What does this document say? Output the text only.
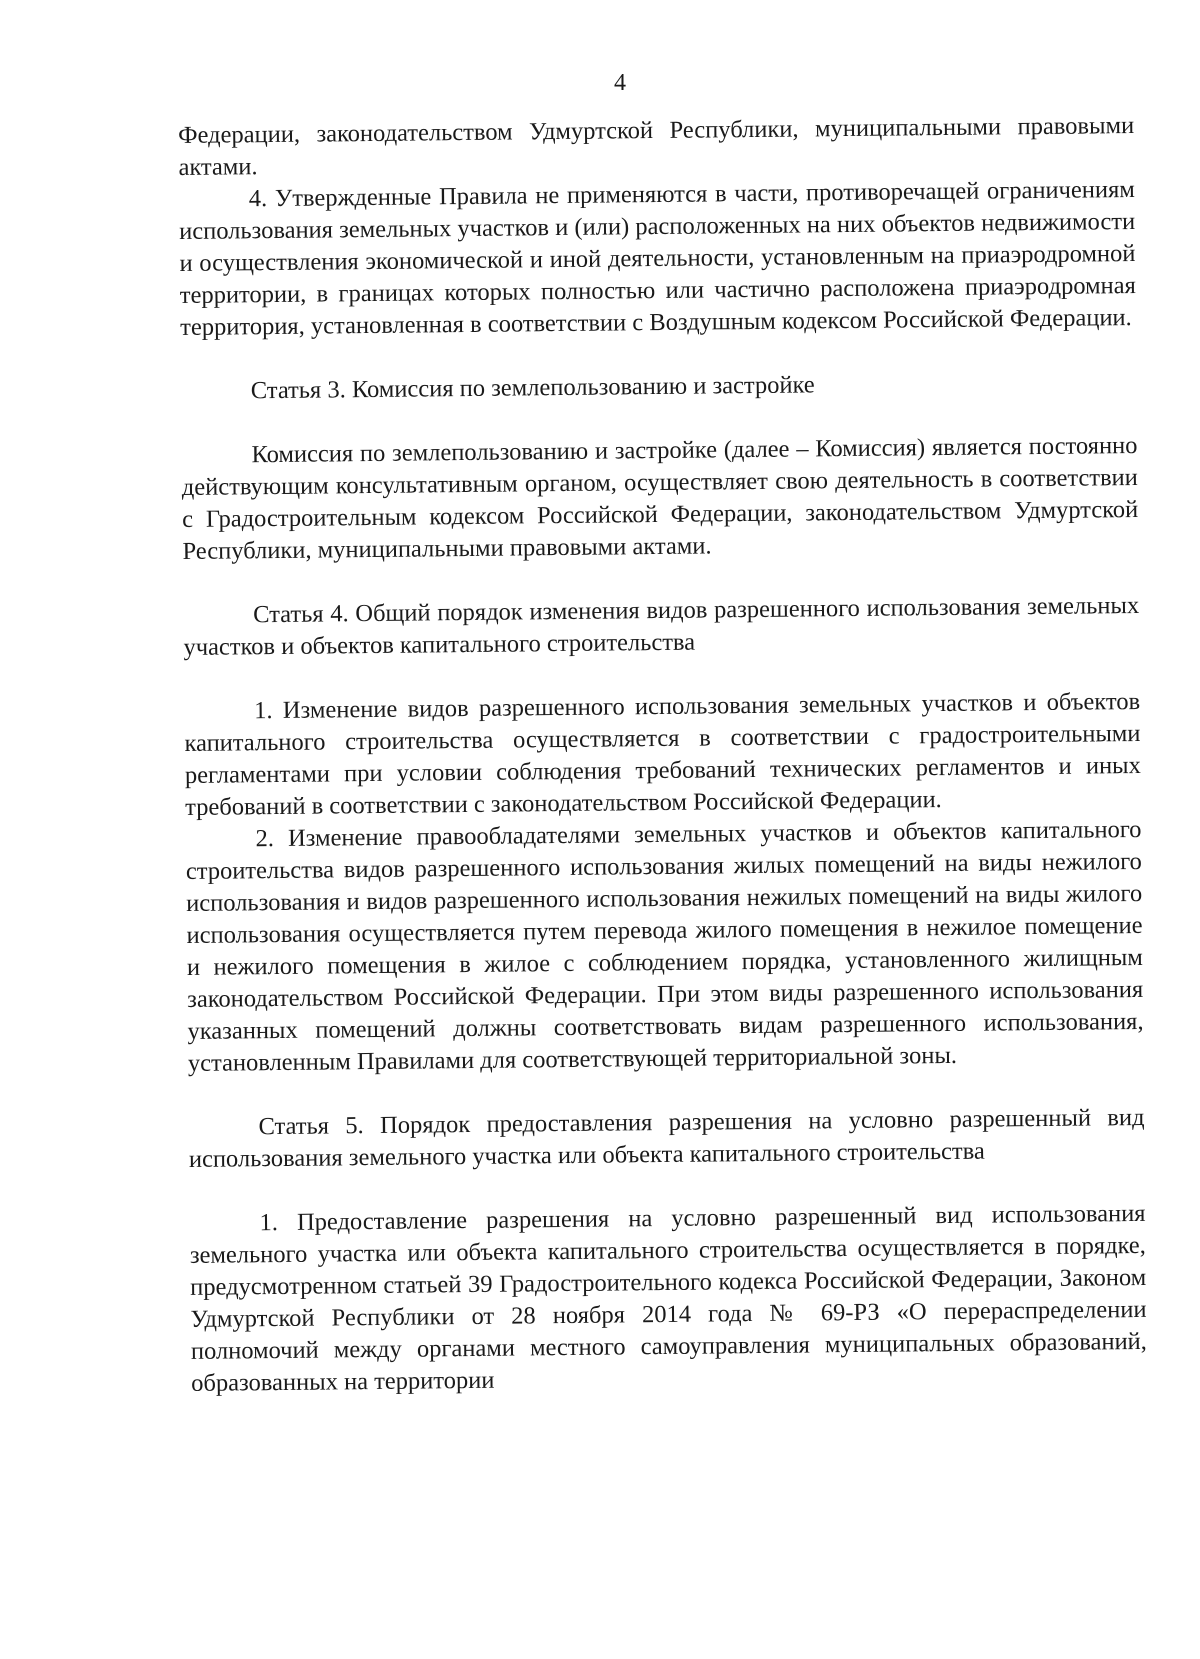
4

Федерации, законодательством Удмуртской Республики, муниципальными правовыми актами.

4. Утвержденные Правила не применяются в части, противоречащей ограничениям использования земельных участков и (или) расположенных на них объектов недвижимости и осуществления экономической и иной деятельности, установленным на приаэродромной территории, в границах которых полностью или частично расположена приаэродромная территория, установленная в соответствии с Воздушным кодексом Российской Федерации.

Статья 3. Комиссия по землепользованию и застройке

Комиссия по землепользованию и застройке (далее – Комиссия) является постоянно действующим консультативным органом, осуществляет свою деятельность в соответствии с Градостроительным кодексом Российской Федерации, законодательством Удмуртской Республики, муниципальными правовыми актами.

Статья 4. Общий порядок изменения видов разрешенного использования земельных участков и объектов капитального строительства

1. Изменение видов разрешенного использования земельных участков и объектов капитального строительства осуществляется в соответствии с градостроительными регламентами при условии соблюдения требований технических регламентов и иных требований в соответствии с законодательством Российской Федерации.

2. Изменение правообладателями земельных участков и объектов капитального строительства видов разрешенного использования жилых помещений на виды нежилого использования и видов разрешенного использования нежилых помещений на виды жилого использования осуществляется путем перевода жилого помещения в нежилое помещение и нежилого помещения в жилое с соблюдением порядка, установленного жилищным законодательством Российской Федерации. При этом виды разрешенного использования указанных помещений должны соответствовать видам разрешенного использования, установленным Правилами для соответствующей территориальной зоны.

Статья 5. Порядок предоставления разрешения на условно разрешенный вид использования земельного участка или объекта капитального строительства

1. Предоставление разрешения на условно разрешенный вид использования земельного участка или объекта капитального строительства осуществляется в порядке, предусмотренном статьей 39 Градостроительного кодекса Российской Федерации, Законом Удмуртской Республики от 28 ноября 2014 года № 69-РЗ «О перераспределении полномочий между органами местного самоуправления муниципальных образований, образованных на территории
